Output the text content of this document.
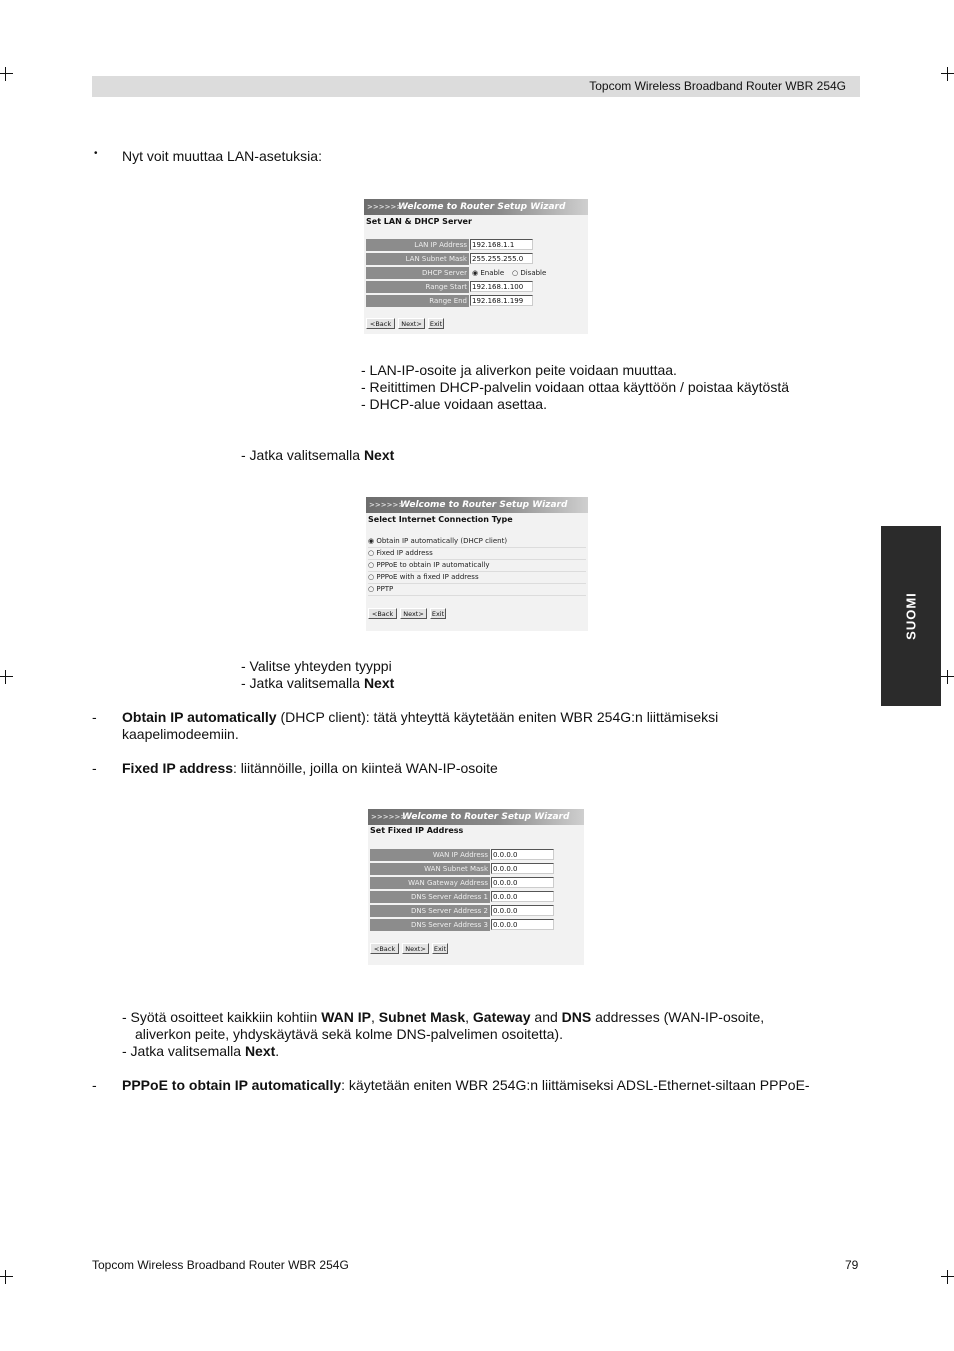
Topcom Wireless Broadband Router WBR 254G
SUOMI
• Nyt voit muuttaa LAN-asetuksia:
>>>>>>
Welcome to Router Setup Wizard
Set LAN & DHCP Server
LAN IP Address 192.168.1.1
LAN Subnet Mask 255.255.255.0
DHCP Server ◉ Enable ○ Disable
Range Start 192.168.1.100
Range End 192.168.1.199
<Back	Next>	Exit
- LAN-IP-osoite ja aliverkon peite voidaan muuttaa.
- Reitittimen DHCP-palvelin voidaan ottaa käyttöön / poistaa käytöstä
- DHCP-alue voidaan asettaa.
- Jatka valitsemalla Next
>>>>>>
Welcome to Router Setup Wizard
Select Internet Connection Type
◉ Obtain IP automatically (DHCP client)
○ Fixed IP address
○ PPPoE to obtain IP automatically
○ PPPoE with a fixed IP address
○ PPTP
<Back	Next>	Exit
- Valitse yhteyden tyyppi
- Jatka valitsemalla Next
- Obtain IP automatically (DHCP client): tätä yhteyttä käytetään eniten WBR 254G:n liittämiseksi
kaapelimodeemiin.
- Fixed IP address: liitännöille, joilla on kiinteä WAN-IP-osoite
>>>>>>
Welcome to Router Setup Wizard
Set Fixed IP Address
WAN IP Address 0.0.0.0
WAN Subnet Mask 0.0.0.0
WAN Gateway Address 0.0.0.0
DNS Server Address 1 0.0.0.0
DNS Server Address 2 0.0.0.0
DNS Server Address 3 0.0.0.0
<Back	Next>	Exit
- Syötä osoitteet kaikkiin kohtiin WAN IP, Subnet Mask, Gateway and DNS addresses (WAN-IP-osoite,
aliverkon peite, yhdyskäytävä sekä kolme DNS-palvelimen osoitetta).
- Jatka valitsemalla Next.
- PPPoE to obtain IP automatically: käytetään eniten WBR 254G:n liittämiseksi ADSL-Ethernet-siltaan PPPoE-
Topcom Wireless Broadband Router WBR 254G	79
